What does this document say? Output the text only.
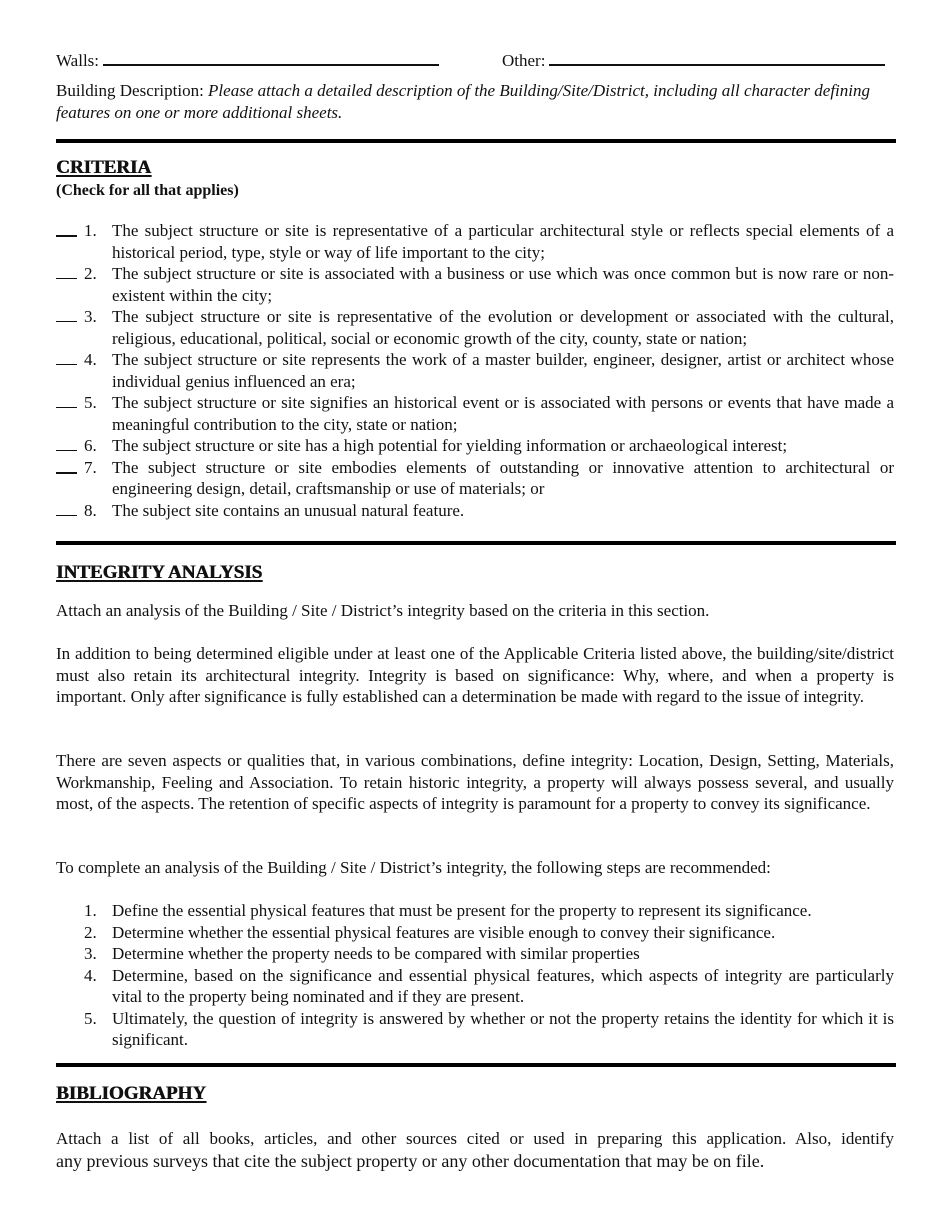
Walls:	Other:
Building Description: Please attach a detailed description of the Building/Site/District, including all character defining features on one or more additional sheets.
CRITERIA
(Check for all that applies)
1. The subject structure or site is representative of a particular architectural style or reflects special elements of a historical period, type, style or way of life important to the city;
2. The subject structure or site is associated with a business or use which was once common but is now rare or non-existent within the city;
3. The subject structure or site is representative of the evolution or development or associated with the cultural, religious, educational, political, social or economic growth of the city, county, state or nation;
4. The subject structure or site represents the work of a master builder, engineer, designer, artist or architect whose individual genius influenced an era;
5. The subject structure or site signifies an historical event or is associated with persons or events that have made a meaningful contribution to the city, state or nation;
6. The subject structure or site has a high potential for yielding information or archaeological interest;
7. The subject structure or site embodies elements of outstanding or innovative attention to architectural or engineering design, detail, craftsmanship or use of materials; or
8. The subject site contains an unusual natural feature.
INTEGRITY ANALYSIS
Attach an analysis of the Building / Site / District’s integrity based on the criteria in this section.
In addition to being determined eligible under at least one of the Applicable Criteria listed above, the building/site/district must also retain its architectural integrity. Integrity is based on significance: Why, where, and when a property is important. Only after significance is fully established can a determination be made with regard to the issue of integrity.
There are seven aspects or qualities that, in various combinations, define integrity: Location, Design, Setting, Materials, Workmanship, Feeling and Association. To retain historic integrity, a property will always possess several, and usually most, of the aspects. The retention of specific aspects of integrity is paramount for a property to convey its significance.
To complete an analysis of the Building / Site / District’s integrity, the following steps are recommended:
1. Define the essential physical features that must be present for the property to represent its significance.
2. Determine whether the essential physical features are visible enough to convey their significance.
3. Determine whether the property needs to be compared with similar properties
4. Determine, based on the significance and essential physical features, which aspects of integrity are particularly vital to the property being nominated and if they are present.
5. Ultimately, the question of integrity is answered by whether or not the property retains the identity for which it is significant.
BIBLIOGRAPHY
Attach a list of all books, articles, and other sources cited or used in preparing this application. Also, identify
any previous surveys that cite the subject property or any other documentation that may be on file.
